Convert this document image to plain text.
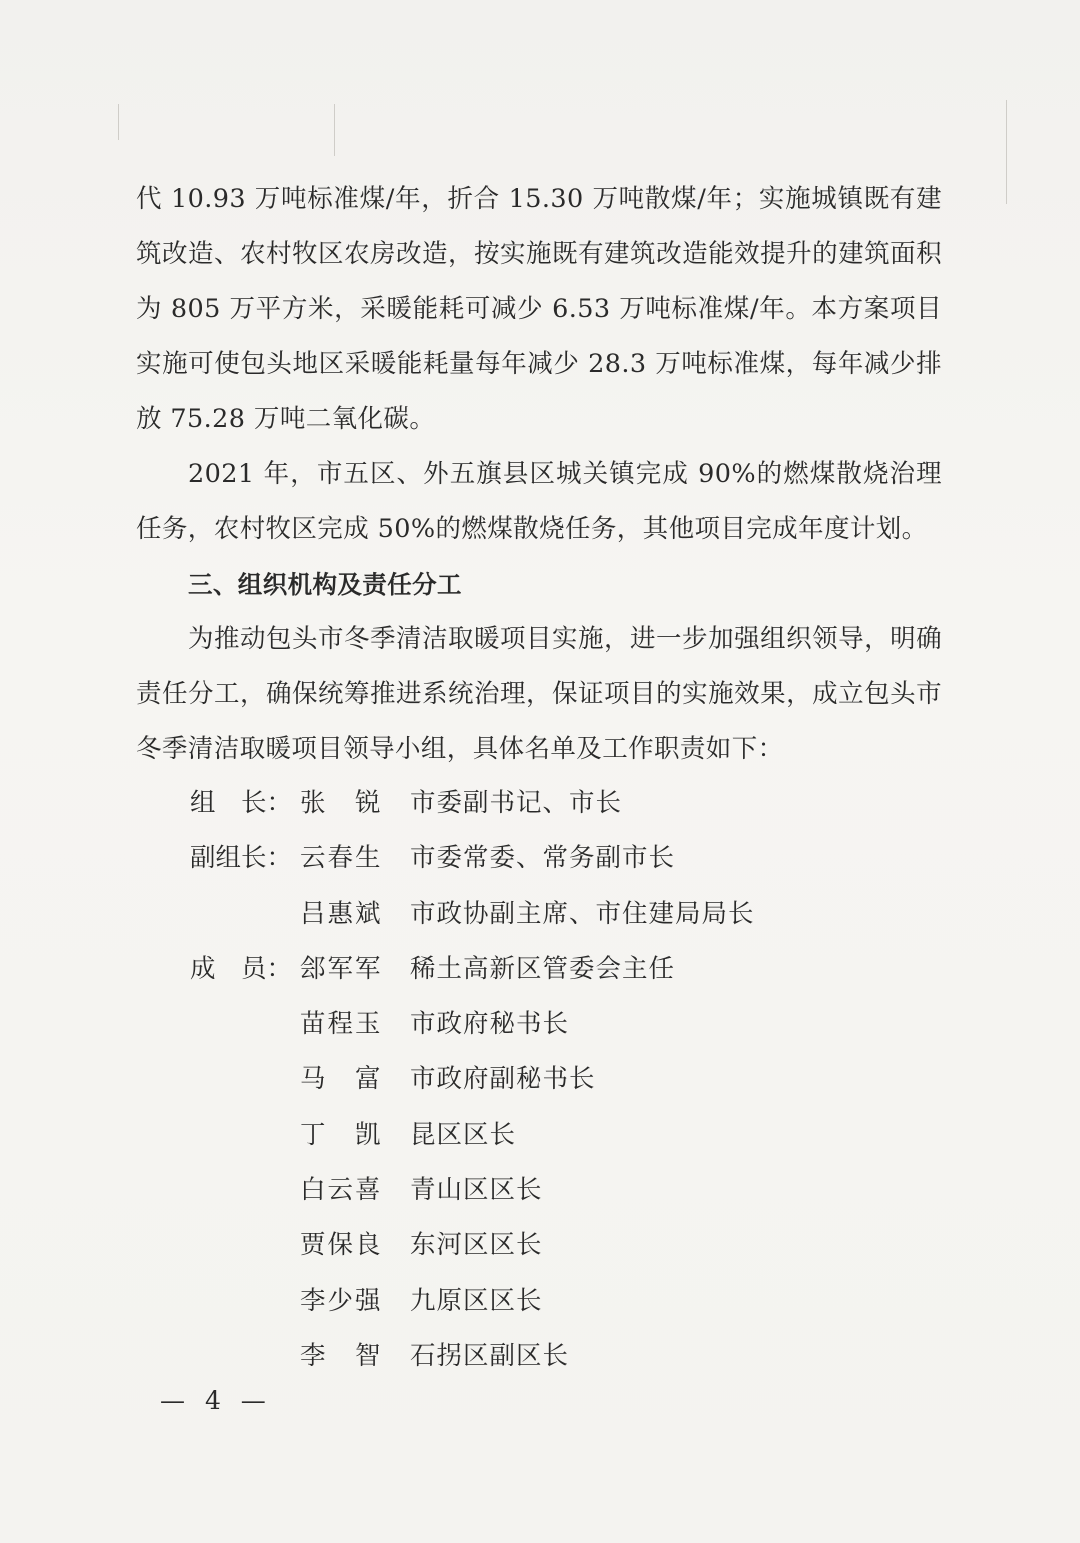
代 10.93 万吨标准煤/年，折合 15.30 万吨散煤/年；实施城镇既有建筑改造、农村牧区农房改造，按实施既有建筑改造能效提升的建筑面积为 805 万平方米，采暖能耗可减少 6.53 万吨标准煤/年。本方案项目实施可使包头地区采暖能耗量每年减少 28.3 万吨标准煤，每年减少排放 75.28 万吨二氧化碳。

2021 年，市五区、外五旗县区城关镇完成 90%的燃煤散烧治理任务，农村牧区完成 50%的燃煤散烧任务，其他项目完成年度计划。

三、组织机构及责任分工

为推动包头市冬季清洁取暖项目实施，进一步加强组织领导，明确责任分工，确保统筹推进系统治理，保证项目的实施效果，成立包头市冬季清洁取暖项目领导小组，具体名单及工作职责如下：

组　长： 张　锐	市委副书记、市长
副组长： 云春生	市委常委、常务副市长
吕惠斌	市政协副主席、市住建局局长
成　员： 郐军军	稀土高新区管委会主任
苗程玉	市政府秘书长
马　富	市政府副秘书长
丁　凯	昆区区长
白云喜	青山区区长
贾保良	东河区区长
李少强	九原区区长
李　智	石拐区副区长
— 4 —
